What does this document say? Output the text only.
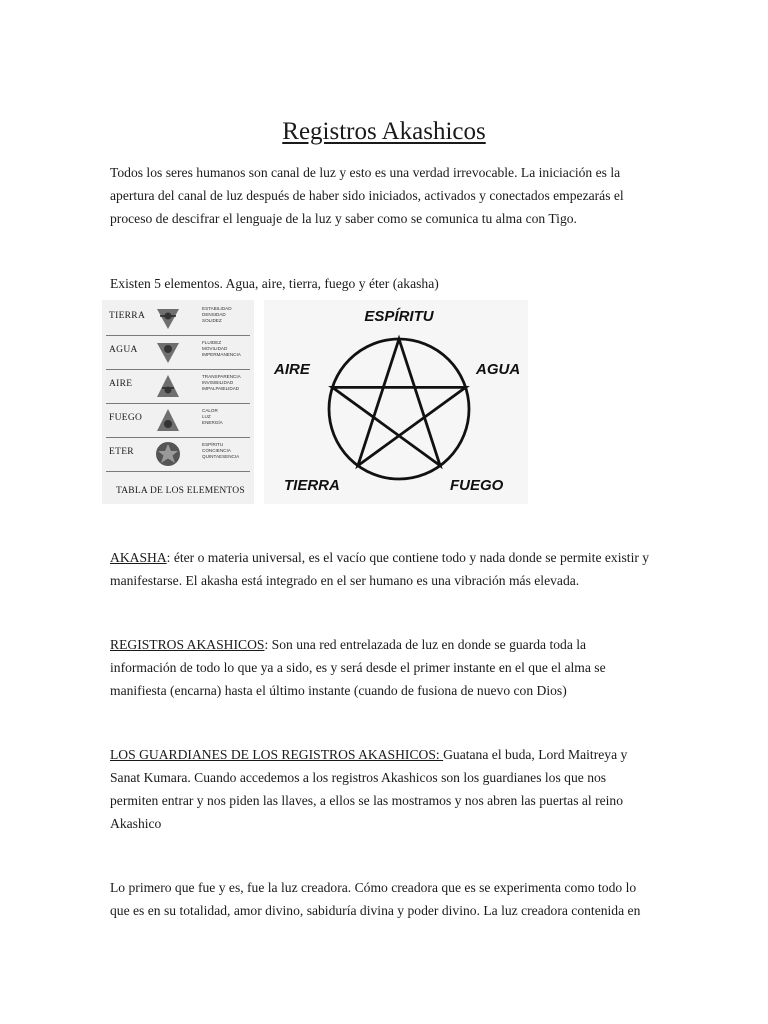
Registros Akashicos

Todos los seres humanos son canal de luz y esto es una verdad irrevocable. La iniciación es la apertura del canal de luz después de haber sido iniciados, activados y conectados empezarás el proceso de descifrar el lenguaje de la luz y saber como se comunica tu alma con Tigo.

Existen 5 elementos. Agua, aire, tierra, fuego y éter (akasha)

TIERRA
ESTABILIDAD
DENSIDAD
SOLIDEZ
AGUA
FLUIDEZ
MOVILIDAD
IMPERMANENCIA
AIRE
TRANSPARENCIA
INVISIBILIDAD
IMPALPABILIDAD
FUEGO
CALOR
LUZ
ENERGÍA
ETER
ESPÍRITU
CONCIENCIA
QUINTAESENCIA
TABLA DE LOS ELEMENTOS
ESPÍRITU
AIRE	AGUA
TIERRA	FUEGO

AKASHA: éter o materia universal, es el vacío que contiene todo y nada donde se permite existir y manifestarse. El akasha está integrado en el ser humano es una vibración más elevada.

REGISTROS AKASHICOS: Son una red entrelazada de luz en donde se guarda toda la información de todo lo que ya a sido, es y será desde el primer instante en el que el alma se manifiesta (encarna) hasta el último instante (cuando de fusiona de nuevo con Dios)

LOS GUARDIANES DE LOS REGISTROS AKASHICOS: Guatana el buda, Lord Maitreya y Sanat Kumara. Cuando accedemos a los registros Akashicos son los guardianes los que nos permiten entrar y nos piden las llaves, a ellos se las mostramos y nos abren las puertas al reino Akashico

Lo primero que fue y es, fue la luz creadora. Cómo creadora que es se experimenta como todo lo que es en su totalidad, amor divino, sabiduría divina y poder divino. La luz creadora contenida en
